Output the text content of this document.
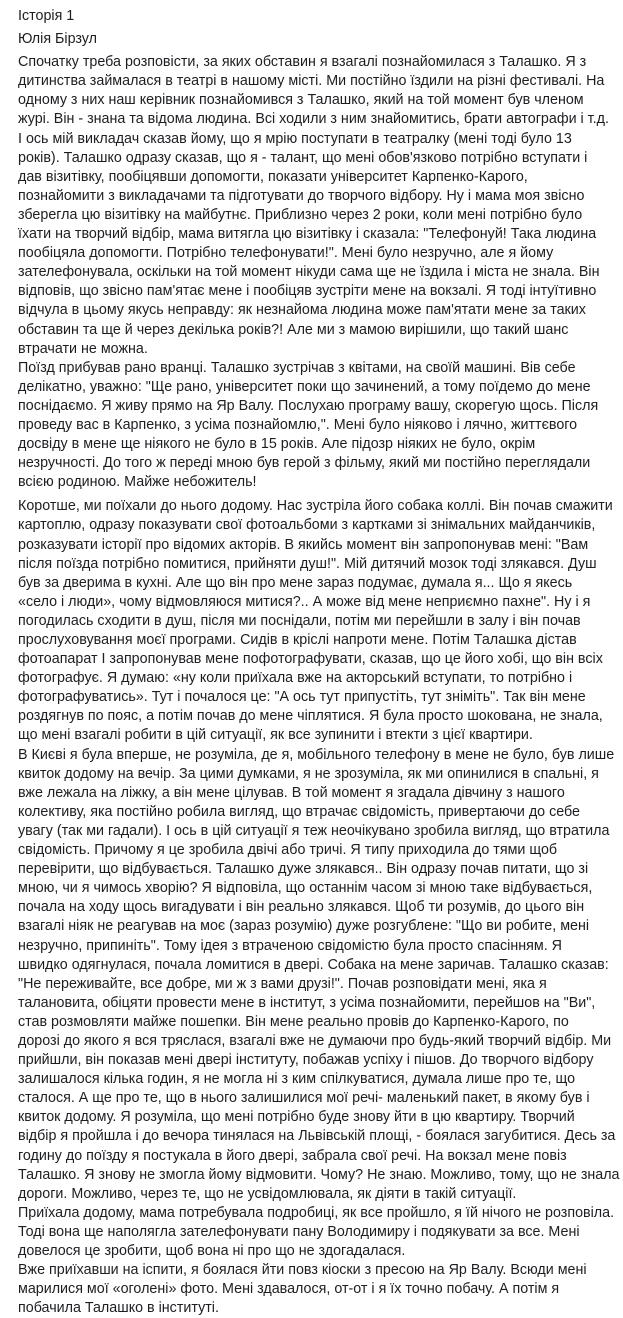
Історія 1
Юлія Бірзул
Спочатку треба розповісти, за яких обставин я взагалі познайомилася з Талашко. Я з
дитинства займалася в театрі в нашому місті. Ми постійно їздили на різні фестивалі. На
одному з них наш керівник познайомився з Талашко, який на той момент був членом
журі. Він - знана та відома людина. Всі ходили з ним знайомитись, брати автографи і т.д.
І ось мій викладач сказав йому, що я мрію поступати в театралку (мені тоді було 13
років). Талашко одразу сказав, що я - талант, що мені обов'язково потрібно вступати і
дав візитівку, пообіцявши допомогти, показати університет Карпенко-Карого,
познайомити з викладачами та підготувати до творчого відбору. Ну і мама моя звісно
зберегла цю візитівку на майбутнє. Приблизно через 2 роки, коли мені потрібно було
їхати на творчий відбір, мама витягла цю візитівку і сказала: "Телефонуй! Така людина
пообіцяла допомогти. Потрібно телефонувати!". Мені було незручно, але я йому
зателефонувала, оскільки на той момент нікуди сама ще не їздила і міста не знала. Він
відповів, що звісно пам'ятає мене і пообіцяв зустріти мене на вокзалі. Я тоді інтуїтивно
відчула в цьому якусь неправду: як незнайома людина може пам'ятати мене за таких
обставин та ще й через декілька років?! Але ми з мамою вирішили, що такий шанс
втрачати не можна.
Поїзд прибував рано вранці. Талашко зустрічав з квітами, на своїй машині. Вів себе
делікатно, уважно: "Ще рано, університет поки що зачинений, а тому поїдемо до мене
поснідаємо. Я живу прямо на Яр Валу. Послухаю програму вашу, скорегую щось. Після
проведу вас в Карпенко, з усіма познайомлю,". Мені було ніяково і лячно, життєвого
досвіду в мене ще ніякого не було в 15 років. Але підозр ніяких не було, окрім
незручності. До того ж переді мною був герой з фільму, який ми постійно переглядали
всією родиною. Майже небожитель!
Коротше, ми поїхали до нього додому. Нас зустріла його собака коллі. Він почав смажити
картоплю, одразу показувати свої фотоальбоми з картками зі знімальних майданчиків,
розказувати історії про відомих акторів. В якийсь момент він запропонував мені: "Вам
після поїзда потрібно помитися, прийняти душ!". Мій дитячий мозок тоді злякався. Душ
був за дверима в кухні. Але що він про мене зараз подумає, думала я... Що я якесь
«село і люди», чому відмовляюся митися?.. А може від мене неприємно пахне". Ну і я
погодилась сходити в душ, після ми поснідали, потім ми перейшли в залу і він почав
прослуховування моєї програми. Сидів в кріслі напроти мене. Потім Талашка дістав
фотоапарат І запропонував мене пофотографувати, сказав, що це його хобі, що він всіх
фотографує. Я думаю: «ну коли приїхала вже на акторський вступати, то потрібно і
фотографуватись». Тут і почалося це: "А ось тут припустіть, тут зніміть". Так він мене
роздягнув по пояс, а потім почав до мене чіплятися. Я була просто шокована, не знала,
що мені взагалі робити в цій ситуації, як все зупинити і втекти з цієї квартири.
В Києві я була вперше, не розуміла, де я, мобільного телефону в мене не було, був лише
квиток додому на вечір. За цими думками, я не зрозуміла, як ми опинилися в спальні, я
вже лежала на ліжку, а він мене цілував. В той момент я згадала дівчину з нашого
колективу, яка постійно робила вигляд, що втрачає свідомість, привертаючи до себе
увагу (так ми гадали). І ось в цій ситуації я теж неочікувано зробила вигляд, що втратила
свідомість. Причому я це зробила двічі або тричі. Я типу приходила до тями щоб
перевірити, що відбувається. Талашко дуже злякався.. Він одразу почав питати, що зі
мною, чи я чимось хворію? Я відповіла, що останнім часом зі мною таке відбувається,
почала на ходу щось вигадувати і він реально злякався. Щоб ти розумів, до цього він
взагалі ніяк не реагував на моє (зараз розумію) дуже розгублене: "Що ви робите, мені
незручно, припиніть". Тому ідея з втраченою свідомістю була просто спасінням. Я
швидко одягнулася, почала ломитися в двері. Собака на мене заричав. Талашко сказав:
"Не переживайте, все добре, ми ж з вами друзі!". Почав розповідати мені, яка я
талановита, обіцяти провести мене в інститут, з усіма познайомити, перейшов на "Ви",
став розмовляти майже пошепки. Він мене реально провів до Карпенко-Карого, по
дорозі до якого я вся тряслася, взагалі вже не думаючи про будь-який творчий відбір. Ми
прийшли, він показав мені двері інституту, побажав успіху і пішов. До творчого відбору
залишалося кілька годин, я не могла ні з ким спілкуватися, думала лише про те, що
сталося. А ще про те, що в нього залишилися мої речі- маленький пакет, в якому був і
квиток додому. Я розуміла, що мені потрібно буде знову йти в цю квартиру. Творчий
відбір я пройшла і до вечора тинялася на Львівській площі, - боялася загубитися. Десь за
годину до поїзду я постукала в його двері, забрала свої речі. На вокзал мене повіз
Талашко. Я знову не змогла йому відмовити. Чому? Не знаю. Можливо, тому, що не знала
дороги. Можливо, через те, що не усвідомлювала, як діяти в такій ситуації.
Приїхала додому, мама потребувала подробиці, як все пройшло, я їй нічого не розповіла.
Тоді вона ще наполягла зателефонувати пану Володимиру і подякувати за все. Мені
довелося це зробити, щоб вона ні про що не здогадалася.
Вже приїхавши на іспити, я боялася йти повз кіоски з пресою на Яр Валу. Всюди мені
марилися мої «оголені» фото. Мені здавалося, от-от і я їх точно побачу. А потім я
побачила Талашко в інституті.
